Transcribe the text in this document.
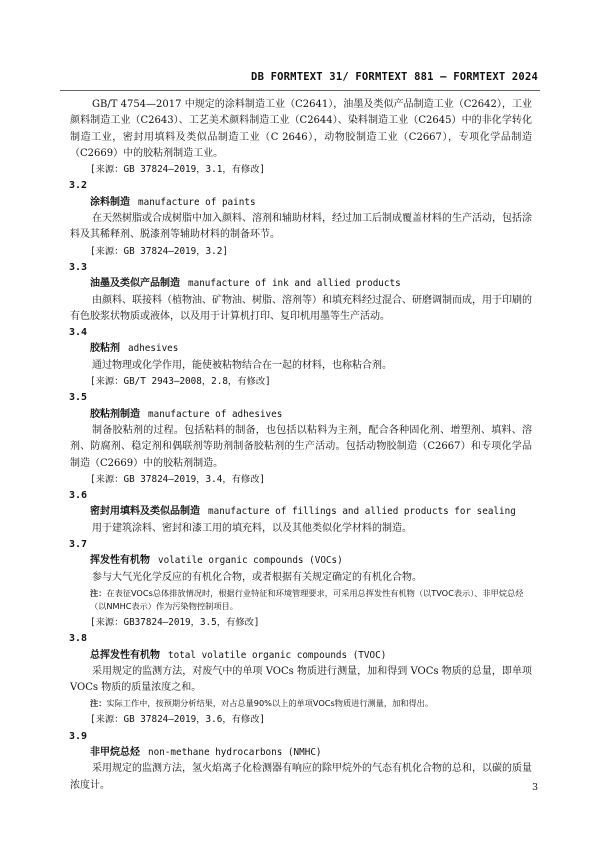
DB FORMTEXT 31/ FORMTEXT 881 — FORMTEXT 2024

GB/T 4754—2017 中规定的涂料制造工业（C2641），油墨及类似产品制造工业（C2642），工业颜料制造工业（C2643）、工艺美术颜料制造工业（C2644）、染料制造工业（C2645）中的非化学转化制造工业，密封用填料及类似品制造工业（C 2646），动物胶制造工业（C2667），专项化学品制造（C2669）中的胶粘剂制造工业。

[来源：GB 37824—2019，3.1，有修改]

3.2

涂料制造 manufacture of paints

在天然树脂或合成树脂中加入颜料、溶剂和辅助材料，经过加工后制成覆盖材料的生产活动，包括涂料及其稀释剂、脱漆剂等辅助材料的制备环节。

[来源：GB 37824—2019，3.2]

3.3

油墨及类似产品制造 manufacture of ink and allied products

由颜料、联接料（植物油、矿物油、树脂、溶剂等）和填充料经过混合、研磨调制而成，用于印刷的有色胶浆状物质或液体，以及用于计算机打印、复印机用墨等生产活动。

3.4

胶粘剂 adhesives

通过物理或化学作用，能使被粘物结合在一起的材料，也称粘合剂。

[来源：GB/T 2943—2008，2.8，有修改]

3.5

胶粘剂制造 manufacture of adhesives

制备胶粘剂的过程。包括粘料的制备，也包括以粘料为主剂，配合各种固化剂、增塑剂、填料、溶剂、防腐剂、稳定剂和偶联剂等助剂制备胶粘剂的生产活动。包括动物胶制造（C2667）和专项化学品制造（C2669）中的胶粘剂制造。

[来源：GB 37824—2019，3.4，有修改]

3.6

密封用填料及类似品制造 manufacture of fillings and allied products for sealing

用于建筑涂料、密封和漆工用的填充料，以及其他类似化学材料的制造。

3.7

挥发性有机物 volatile organic compounds (VOCs)

参与大气光化学反应的有机化合物，或者根据有关规定确定的有机化合物。

注：在表征VOCs总体排放情况时，根据行业特征和环境管理要求，可采用总挥发性有机物（以TVOC表示）、非甲烷总烃（以NMHC表示）作为污染物控制项目。

[来源：GB37824—2019，3.5，有修改]

3.8

总挥发性有机物 total volatile organic compounds (TVOC)

采用规定的监测方法，对废气中的单项 VOCs 物质进行测量，加和得到 VOCs 物质的总量，即单项 VOCs 物质的质量浓度之和。

注：实际工作中，按预期分析结果，对占总量90%以上的单项VOCs物质进行测量，加和得出。

[来源：GB 37824—2019，3.6，有修改]

3.9

非甲烷总烃 non-methane hydrocarbons (NMHC)

采用规定的监测方法，氢火焰离子化检测器有响应的除甲烷外的气态有机化合物的总和，以碳的质量浓度计。	3
